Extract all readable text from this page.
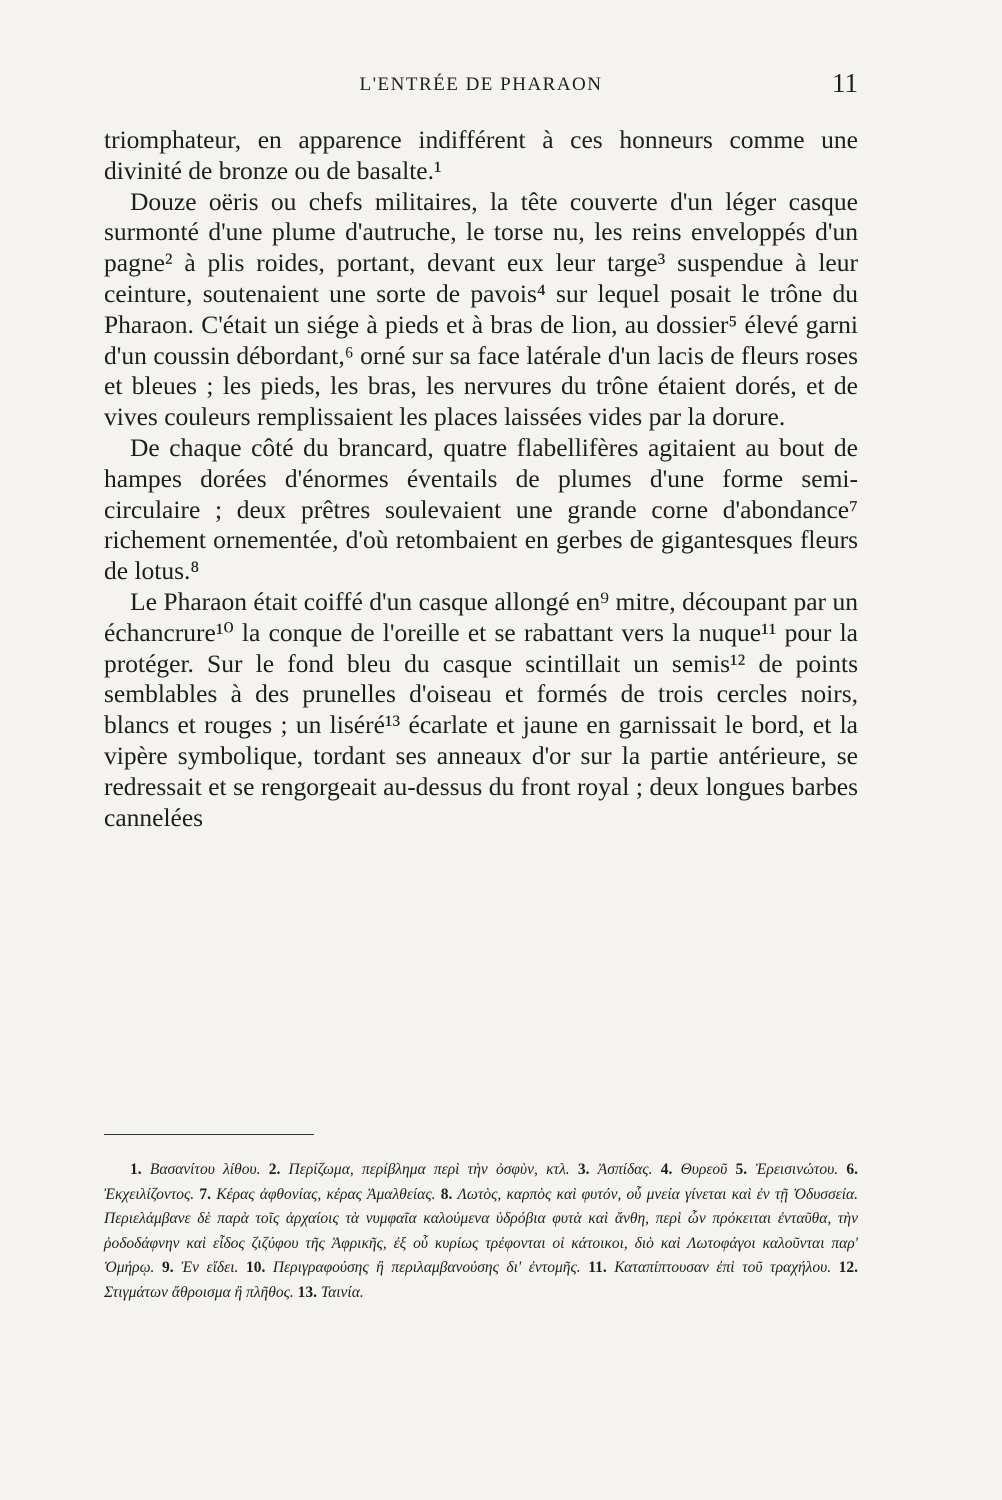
L'ENTRÉE DE PHARAON	11

triomphateur, en apparence indifférent à ces honneurs comme une divinité de bronze ou de basalte.¹

Douze oëris ou chefs militaires, la tête couverte d'un léger casque surmonté d'une plume d'autruche, le torse nu, les reins enveloppés d'un pagne² à plis roides, portant, devant eux leur targe³ suspendue à leur ceinture, soutenaient une sorte de pavois⁴ sur lequel posait le trône du Pharaon. C'était un siége à pieds et à bras de lion, au dossier⁵ élevé garni d'un coussin débordant,⁶ orné sur sa face latérale d'un lacis de fleurs roses et bleues ; les pieds, les bras, les nervures du trône étaient dorés, et de vives couleurs remplissaient les places laissées vides par la dorure.

De chaque côté du brancard, quatre flabellifères agitaient au bout de hampes dorées d'énormes éventails de plumes d'une forme semi-circulaire ; deux prêtres soulevaient une grande corne d'abondance⁷ richement ornementée, d'où retombaient en gerbes de gigantesques fleurs de lotus.⁸

Le Pharaon était coiffé d'un casque allongé en⁹ mitre, découpant par un échancrure¹⁰ la conque de l'oreille et se rabattant vers la nuque¹¹ pour la protéger. Sur le fond bleu du casque scintillait un semis¹² de points semblables à des prunelles d'oiseau et formés de trois cercles noirs, blancs et rouges ; un liséré¹³ écarlate et jaune en garnissait le bord, et la vipère symbolique, tordant ses anneaux d'or sur la partie antérieure, se redressait et se rengorgeait au-dessus du front royal ; deux longues barbes cannelées

1. Βασανίτου λίθου. 2. Περίζωμα, περίβλημα περὶ τὴν ὀσφὺν, κτλ. 3. Ἀσπίδας. 4. Θυρεοῦ 5. Ἐρεισινώτου. 6. Ἐκχειλίζοντος. 7. Κέρας ἀφθονίας, κέρας Ἀμαλθείας. 8. Λωτὸς, καρπὸς καὶ φυτόν, οὗ μνεία γίνεται καὶ ἐν τῇ Ὀδυσσεία. Περιελάμβανε δὲ παρὰ τοῖς ἀρχαίοις τὰ νυμφαῖα καλούμενα ὑδρόβια φυτὰ καὶ ἄνθη, περὶ ὧν πρόκειται ἐνταῦθα, τὴν ῥοδοδάφνην καὶ εἶδος ζιζύφου τῆς Ἀφρικῆς, ἐξ οὗ κυρίως τρέφονται οἱ κάτοικοι, διὸ καὶ Λωτοφάγοι καλοῦνται παρ' Ὁμήρῳ. 9. Ἐν εἴδει. 10. Περιγραφούσης ἢ περιλαμβανούσης δι' ἐντομῆς. 11. Καταπίπτουσαν ἐπὶ τοῦ τραχήλου. 12. Στιγμάτων ἄθροισμα ἢ πλῆθος. 13. Ταινία.
